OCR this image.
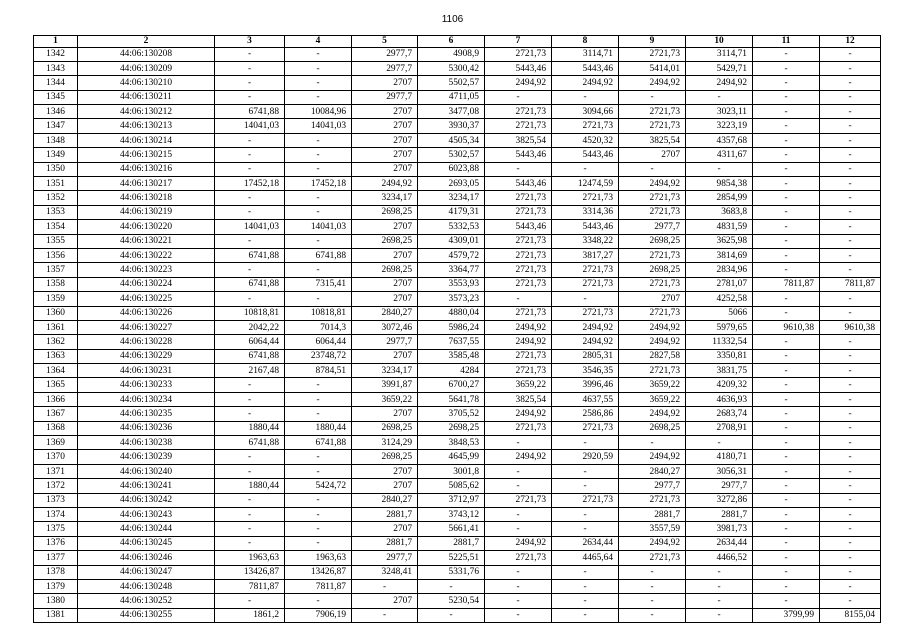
1106
1	2	3	4	5	6	7	8	9	10	11	12
1342	44:06:130208	-	-	2977,7	4908,9	2721,73	3114,71	2721,73	3114,71	-	-
1343	44:06:130209	-	-	2977,7	5300,42	5443,46	5443,46	5414,01	5429,71	-	-
1344	44:06:130210	-	-	2707	5502,57	2494,92	2494,92	2494,92	2494,92	-	-
1345	44:06:130211	-	-	2977,7	4711,05	-	-	-	-	-	-
1346	44:06:130212	6741,88	10084,96	2707	3477,08	2721,73	3094,66	2721,73	3023,11	-	-
1347	44:06:130213	14041,03	14041,03	2707	3930,37	2721,73	2721,73	2721,73	3223,19	-	-
1348	44:06:130214	-	-	2707	4505,34	3825,54	4520,32	3825,54	4357,68	-	-
1349	44:06:130215	-	-	2707	5302,57	5443,46	5443,46	2707	4311,67	-	-
1350	44:06:130216	-	-	2707	6023,88	-	-	-	-	-	-
1351	44:06:130217	17452,18	17452,18	2494,92	2693,05	5443,46	12474,59	2494,92	9854,38	-	-
1352	44:06:130218	-	-	3234,17	3234,17	2721,73	2721,73	2721,73	2854,99	-	-
1353	44:06:130219	-	-	2698,25	4179,31	2721,73	3314,36	2721,73	3683,8	-	-
1354	44:06:130220	14041,03	14041,03	2707	5332,53	5443,46	5443,46	2977,7	4831,59	-	-
1355	44:06:130221	-	-	2698,25	4309,01	2721,73	3348,22	2698,25	3625,98	-	-
1356	44:06:130222	6741,88	6741,88	2707	4579,72	2721,73	3817,27	2721,73	3814,69	-	-
1357	44:06:130223	-	-	2698,25	3364,77	2721,73	2721,73	2698,25	2834,96	-	-
1358	44:06:130224	6741,88	7315,41	2707	3553,93	2721,73	2721,73	2721,73	2781,07	7811,87	7811,87
1359	44:06:130225	-	-	2707	3573,23	-	-	2707	4252,58	-	-
1360	44:06:130226	10818,81	10818,81	2840,27	4880,04	2721,73	2721,73	2721,73	5066	-	-
1361	44:06:130227	2042,22	7014,3	3072,46	5986,24	2494,92	2494,92	2494,92	5979,65	9610,38	9610,38
1362	44:06:130228	6064,44	6064,44	2977,7	7637,55	2494,92	2494,92	2494,92	11332,54	-	-
1363	44:06:130229	6741,88	23748,72	2707	3585,48	2721,73	2805,31	2827,58	3350,81	-	-
1364	44:06:130231	2167,48	8784,51	3234,17	4284	2721,73	3546,35	2721,73	3831,75	-	-
1365	44:06:130233	-	-	3991,87	6700,27	3659,22	3996,46	3659,22	4209,32	-	-
1366	44:06:130234	-	-	3659,22	5641,78	3825,54	4637,55	3659,22	4636,93	-	-
1367	44:06:130235	-	-	2707	3705,52	2494,92	2586,86	2494,92	2683,74	-	-
1368	44:06:130236	1880,44	1880,44	2698,25	2698,25	2721,73	2721,73	2698,25	2708,91	-	-
1369	44:06:130238	6741,88	6741,88	3124,29	3848,53	-	-	-	-	-	-
1370	44:06:130239	-	-	2698,25	4645,99	2494,92	2920,59	2494,92	4180,71	-	-
1371	44:06:130240	-	-	2707	3001,8	-	-	2840,27	3056,31	-	-
1372	44:06:130241	1880,44	5424,72	2707	5085,62	-	-	2977,7	2977,7	-	-
1373	44:06:130242	-	-	2840,27	3712,97	2721,73	2721,73	2721,73	3272,86	-	-
1374	44:06:130243	-	-	2881,7	3743,12	-	-	2881,7	2881,7	-	-
1375	44:06:130244	-	-	2707	5661,41	-	-	3557,59	3981,73	-	-
1376	44:06:130245	-	-	2881,7	2881,7	2494,92	2634,44	2494,92	2634,44	-	-
1377	44:06:130246	1963,63	1963,63	2977,7	5225,51	2721,73	4465,64	2721,73	4466,52	-	-
1378	44:06:130247	13426,87	13426,87	3248,41	5331,76	-	-	-	-	-	-
1379	44:06:130248	7811,87	7811,87	-	-	-	-	-	-	-	-
1380	44:06:130252	-	-	2707	5230,54	-	-	-	-	-	-
1381	44:06:130255	1861,2	7906,19	-	-	-	-	-	-	3799,99	8155,04
